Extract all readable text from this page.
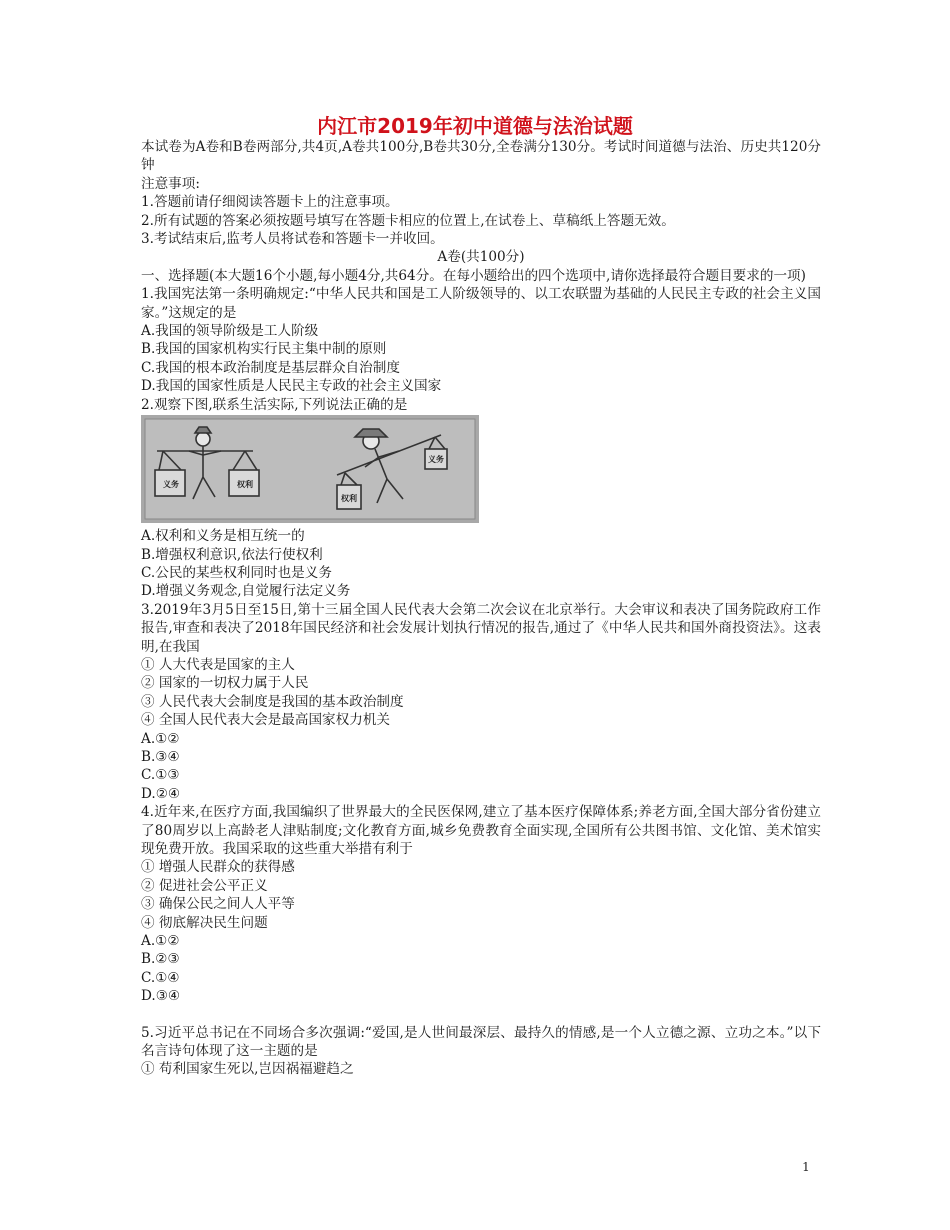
内江市2019年初中道德与法治试题

本试卷为A卷和B卷两部分,共4页,A卷共100分,B卷共30分,全卷满分130分。考试时间道德与法治、历史共120分钟

注意事项:

1.答题前请仔细阅读答题卡上的注意事项。

2.所有试题的答案必须按题号填写在答题卡相应的位置上,在试卷上、草稿纸上答题无效。

3.考试结束后,监考人员将试卷和答题卡一并收回。

A卷(共100分)

一、选择题(本大题16个小题,每小题4分,共64分。在每小题给出的四个选项中,请你选择最符合题目要求的一项)

1.我国宪法第一条明确规定:“中华人民共和国是工人阶级领导的、以工农联盟为基础的人民民主专政的社会主义国家。”这规定的是

A.我国的领导阶级是工人阶级

B.我国的国家机构实行民主集中制的原则

C.我国的根本政治制度是基层群众自治制度

D.我国的国家性质是人民民主专政的社会主义国家

2.观察下图,联系生活实际,下列说法正确的是

义务	权利
权利
义务

A.权利和义务是相互统一的

B.增强权利意识,依法行使权利

C.公民的某些权利同时也是义务

D.增强义务观念,自觉履行法定义务

3.2019年3月5日至15日,第十三届全国人民代表大会第二次会议在北京举行。大会审议和表决了国务院政府工作报告,审查和表决了2018年国民经济和社会发展计划执行情况的报告,通过了《中华人民共和国外商投资法》。这表明,在我国

① 人大代表是国家的主人

② 国家的一切权力属于人民

③ 人民代表大会制度是我国的基本政治制度

④ 全国人民代表大会是最高国家权力机关

A.①②

B.③④

C.①③

D.②④

4.近年来,在医疗方面,我国编织了世界最大的全民医保网,建立了基本医疗保障体系;养老方面,全国大部分省份建立了80周岁以上高龄老人津贴制度;文化教育方面,城乡免费教育全面实现,全国所有公共图书馆、文化馆、美术馆实现免费开放。我国采取的这些重大举措有利于

① 增强人民群众的获得感

② 促进社会公平正义

③ 确保公民之间人人平等

④ 彻底解决民生问题

A.①②

B.②③

C.①④

D.③④

5.习近平总书记在不同场合多次强调:“爱国,是人世间最深层、最持久的情感,是一个人立德之源、立功之本。”以下名言诗句体现了这一主题的是

① 苟利国家生死以,岂因祸福避趋之

1
